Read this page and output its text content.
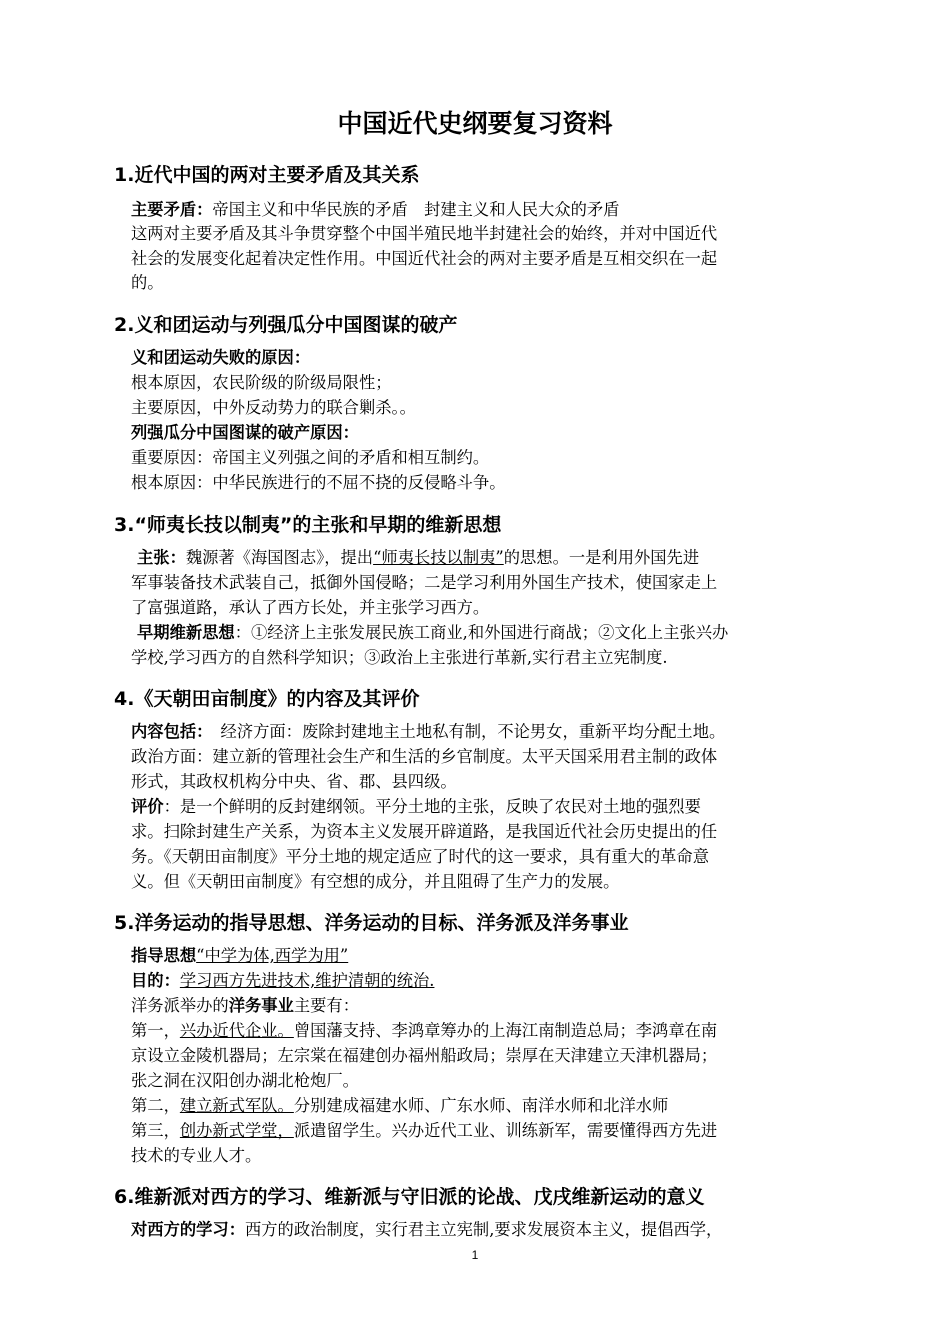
中国近代史纲要复习资料
1.近代中国的两对主要矛盾及其关系
主要矛盾：帝国主义和中华民族的矛盾　封建主义和人民大众的矛盾
这两对主要矛盾及其斗争贯穿整个中国半殖民地半封建社会的始终，并对中国近代
社会的发展变化起着决定性作用。中国近代社会的两对主要矛盾是互相交织在一起
的。
2.义和团运动与列强瓜分中国图谋的破产
义和团运动失败的原因：
根本原因，农民阶级的阶级局限性；
主要原因，中外反动势力的联合剿杀。。
列强瓜分中国图谋的破产原因：
重要原因：帝国主义列强之间的矛盾和相互制约。
根本原因：中华民族进行的不屈不挠的反侵略斗争。
3.“师夷长技以制夷”的主张和早期的维新思想
主张：魏源著《海国图志》，提出“师夷长技以制夷”的思想。一是利用外国先进
军事装备技术武装自己，抵御外国侵略；二是学习利用外国生产技术，使国家走上
了富强道路，承认了西方长处，并主张学习西方。
早期维新思想：①经济上主张发展民族工商业,和外国进行商战；②文化上主张兴办
学校,学习西方的自然科学知识；③政治上主张进行革新,实行君主立宪制度.
4.《天朝田亩制度》的内容及其评价
内容包括：　经济方面：废除封建地主土地私有制，不论男女，重新平均分配土地。
政治方面：建立新的管理社会生产和生活的乡官制度。太平天国采用君主制的政体
形式，其政权机构分中央、省、郡、县四级。
评价：是一个鲜明的反封建纲领。平分土地的主张，反映了农民对土地的强烈要
求。扫除封建生产关系，为资本主义发展开辟道路，是我国近代社会历史提出的任
务。《天朝田亩制度》平分土地的规定适应了时代的这一要求，具有重大的革命意
义。但《天朝田亩制度》有空想的成分，并且阻碍了生产力的发展。
5.洋务运动的指导思想、洋务运动的目标、洋务派及洋务事业
指导思想“中学为体,西学为用”
目的：学习西方先进技术,维护清朝的统治.
洋务派举办的洋务事业主要有：
第一，兴办近代企业。曾国藩支持、李鸿章筹办的上海江南制造总局；李鸿章在南
京设立金陵机器局；左宗棠在福建创办福州船政局；崇厚在天津建立天津机器局；
张之洞在汉阳创办湖北枪炮厂。
第二，建立新式军队。分别建成福建水师、广东水师、南洋水师和北洋水师
第三，创办新式学堂，派遣留学生。兴办近代工业、训练新军，需要懂得西方先进
技术的专业人才。
6.维新派对西方的学习、维新派与守旧派的论战、戊戌维新运动的意义
对西方的学习：西方的政治制度，实行君主立宪制,要求发展资本主义，提倡西学，
1
